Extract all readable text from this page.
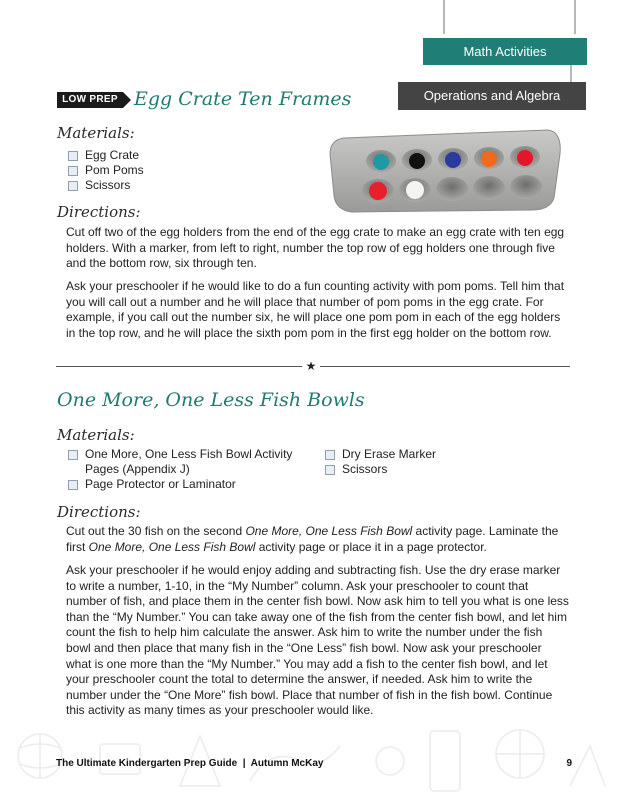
Math Activities
Operations and Algebra
LOW PREP Egg Crate Ten Frames
Materials:
Egg Crate
Pom Poms
Scissors
Directions:

Cut off two of the egg holders from the end of the egg crate to make an egg crate with ten egg holders. With a marker, from left to right, number the top row of egg holders one through five and the bottom row, six through ten.

Ask your preschooler if he would like to do a fun counting activity with pom poms. Tell him that you will call out a number and he will place that number of pom poms in the egg crate. For example, if you call out the number six, he will place one pom pom in each of the egg holders in the top row, and he will place the sixth pom pom in the first egg holder on the bottom row.

★
One More, One Less Fish Bowls
Materials:
One More, One Less Fish Bowl Activity Pages (Appendix J)
Page Protector or Laminator
Dry Erase Marker
Scissors
Directions:

Cut out the 30 fish on the second One More, One Less Fish Bowl activity page. Laminate the first One More, One Less Fish Bowl activity page or place it in a page protector.

Ask your preschooler if he would enjoy adding and subtracting fish. Use the dry erase marker to write a number, 1-10, in the “My Number” column. Ask your preschooler to count that number of fish, and place them in the center fish bowl. Now ask him to tell you what is one less than the “My Number.” You can take away one of the fish from the center fish bowl, and let him count the fish to help him calculate the answer. Ask him to write the number under the fish bowl and then place that many fish in the “One Less” fish bowl. Now ask your preschooler what is one more than the “My Number.” You may add a fish to the center fish bowl, and let your preschooler count the total to determine the answer, if needed. Ask him to write the number under the “One More” fish bowl. Place that number of fish in the fish bowl. Continue this activity as many times as your preschooler would like.

The Ultimate Kindergarten Prep Guide  |  Autumn McKay	9
